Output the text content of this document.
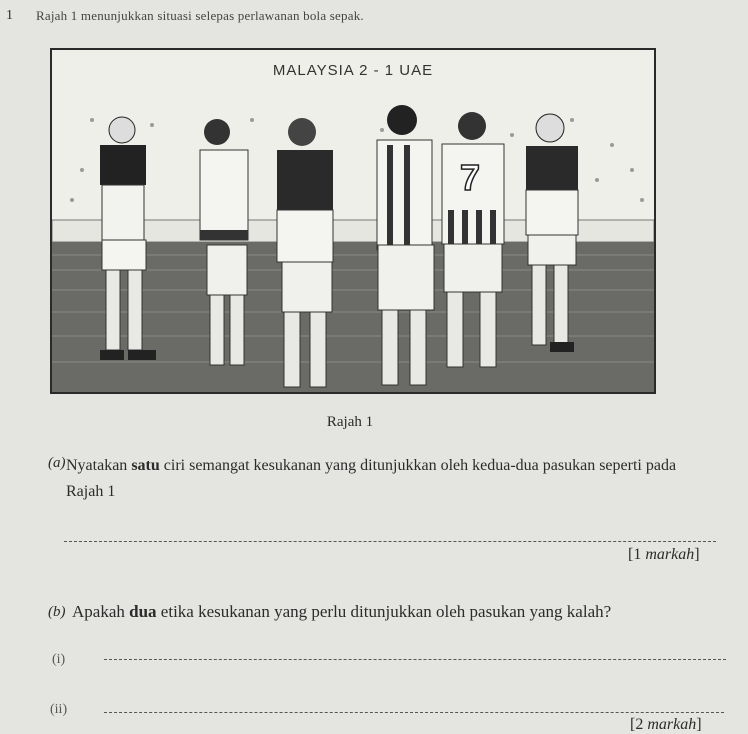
1 Rajah 1 menunjukkan situasi selepas perlawanan bola sepak.
MALAYSIA 2 - 1 UAE
7
Rajah 1
(a) Nyatakan satu ciri semangat kesukanan yang ditunjukkan oleh kedua-dua pasukan seperti pada Rajah 1
[1 markah]
(b) Apakah dua etika kesukanan yang perlu ditunjukkan oleh pasukan yang kalah?
(i)
(ii)
[2 markah]
